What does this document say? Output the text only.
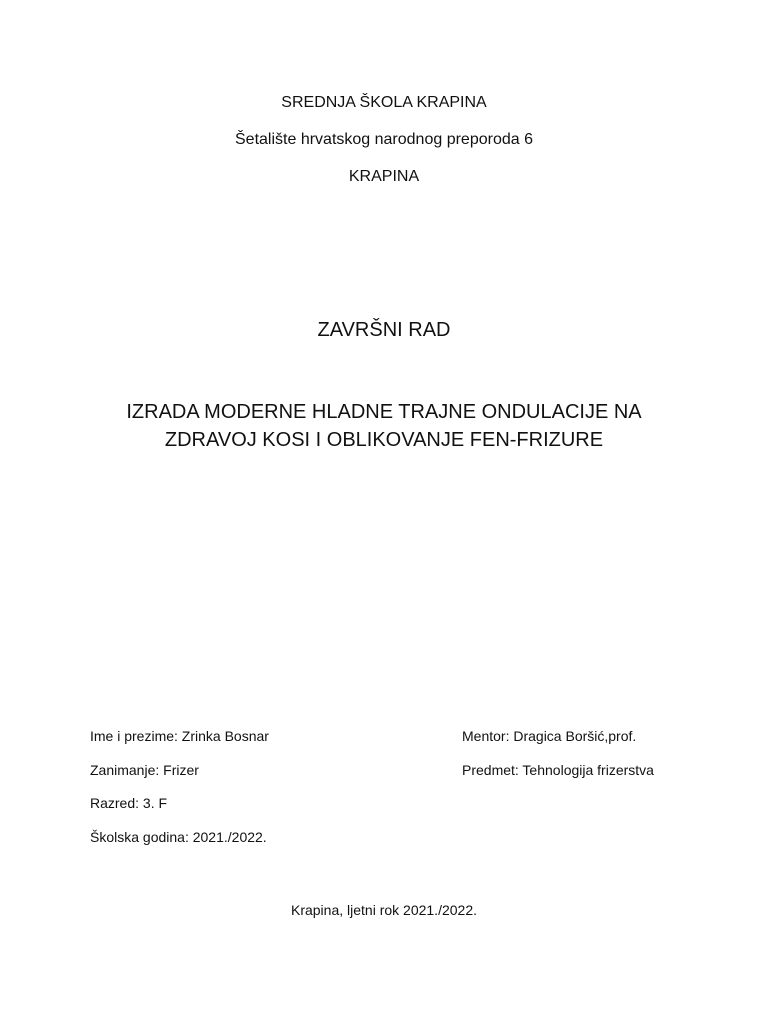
SREDNJA ŠKOLA KRAPINA
Šetalište hrvatskog narodnog preporoda 6
KRAPINA
ZAVRŠNI RAD
IZRADA MODERNE HLADNE TRAJNE ONDULACIJE NA
ZDRAVOJ KOSI I OBLIKOVANJE FEN-FRIZURE
Ime i prezime: Zrinka Bosnar	Mentor: Dragica Boršić,prof.
Zanimanje: Frizer	Predmet: Tehnologija frizerstva
Razred: 3. F
Školska godina: 2021./2022.
Krapina, ljetni rok 2021./2022.
